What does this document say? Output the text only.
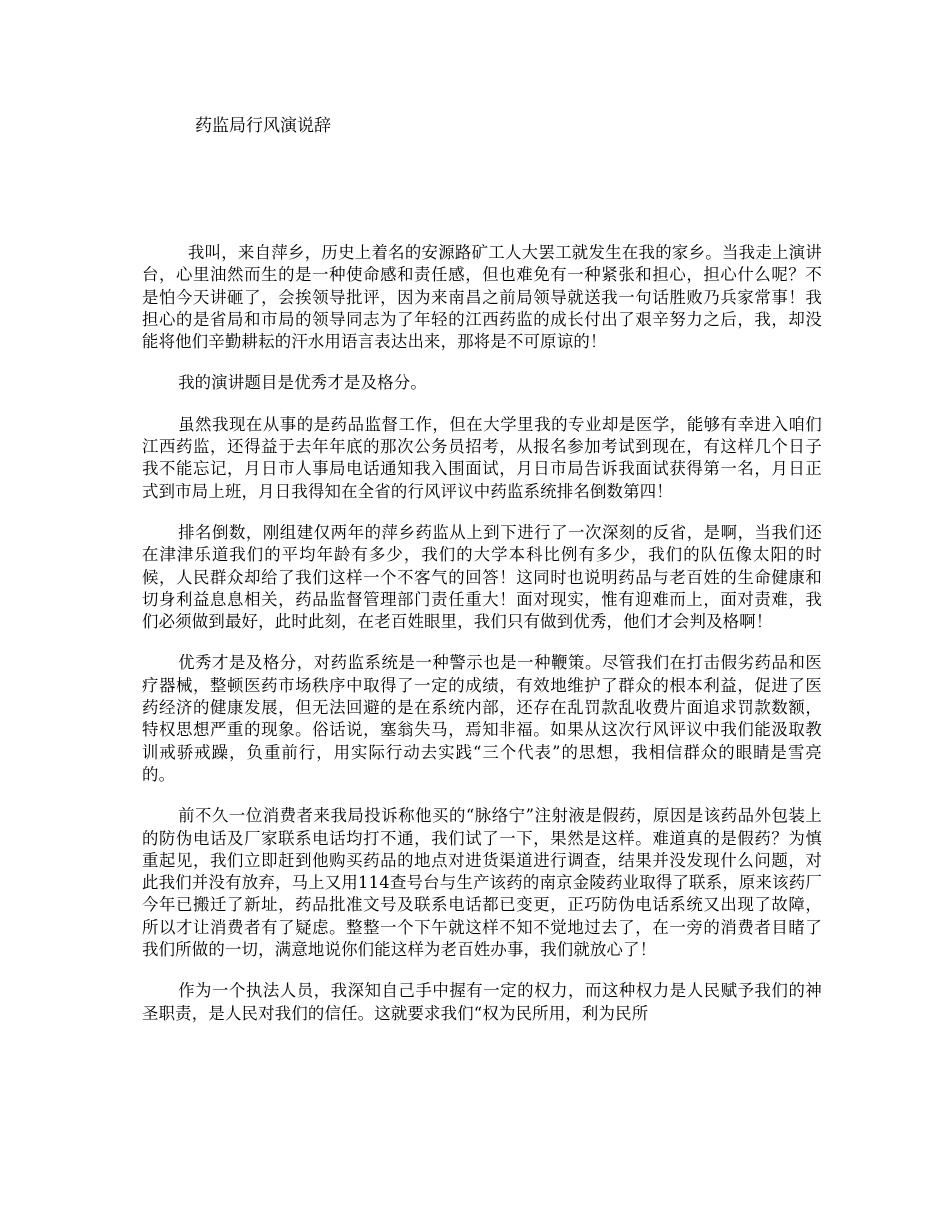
药监局行风演说辞

我叫，来自萍乡，历史上着名的安源路矿工人大罢工就发生在我的家乡。当我走上演讲台，心里油然而生的是一种使命感和责任感，但也难免有一种紧张和担心，担心什么呢？不是怕今天讲砸了，会挨领导批评，因为来南昌之前局领导就送我一句话胜败乃兵家常事！我担心的是省局和市局的领导同志为了年轻的江西药监的成长付出了艰辛努力之后，我，却没能将他们辛勤耕耘的汗水用语言表达出来，那将是不可原谅的！

我的演讲题目是优秀才是及格分。

虽然我现在从事的是药品监督工作，但在大学里我的专业却是医学，能够有幸进入咱们江西药监，还得益于去年年底的那次公务员招考，从报名参加考试到现在，有这样几个日子我不能忘记，月日市人事局电话通知我入围面试，月日市局告诉我面试获得第一名，月日正式到市局上班，月日我得知在全省的行风评议中药监系统排名倒数第四！

排名倒数，刚组建仅两年的萍乡药监从上到下进行了一次深刻的反省，是啊，当我们还在津津乐道我们的平均年龄有多少，我们的大学本科比例有多少，我们的队伍像太阳的时候，人民群众却给了我们这样一个不客气的回答！这同时也说明药品与老百姓的生命健康和切身利益息息相关，药品监督管理部门责任重大！面对现实，惟有迎难而上，面对责难，我们必须做到最好，此时此刻，在老百姓眼里，我们只有做到优秀，他们才会判及格啊！

优秀才是及格分，对药监系统是一种警示也是一种鞭策。尽管我们在打击假劣药品和医疗器械，整顿医药市场秩序中取得了一定的成绩，有效地维护了群众的根本利益，促进了医药经济的健康发展，但无法回避的是在系统内部，还存在乱罚款乱收费片面追求罚款数额，特权思想严重的现象。俗话说，塞翁失马，焉知非福。如果从这次行风评议中我们能汲取教训戒骄戒躁，负重前行，用实际行动去实践“三个代表”的思想，我相信群众的眼睛是雪亮的。

前不久一位消费者来我局投诉称他买的“脉络宁”注射液是假药，原因是该药品外包装上的防伪电话及厂家联系电话均打不通，我们试了一下，果然是这样。难道真的是假药？为慎重起见，我们立即赶到他购买药品的地点对进货渠道进行调查，结果并没发现什么问题，对此我们并没有放弃，马上又用114查号台与生产该药的南京金陵药业取得了联系，原来该药厂今年已搬迁了新址，药品批准文号及联系电话都已变更，正巧防伪电话系统又出现了故障，所以才让消费者有了疑虑。整整一个下午就这样不知不觉地过去了，在一旁的消费者目睹了我们所做的一切，满意地说你们能这样为老百姓办事，我们就放心了！

作为一个执法人员，我深知自己手中握有一定的权力，而这种权力是人民赋予我们的神圣职责，是人民对我们的信任。这就要求我们“权为民所用，利为民所
